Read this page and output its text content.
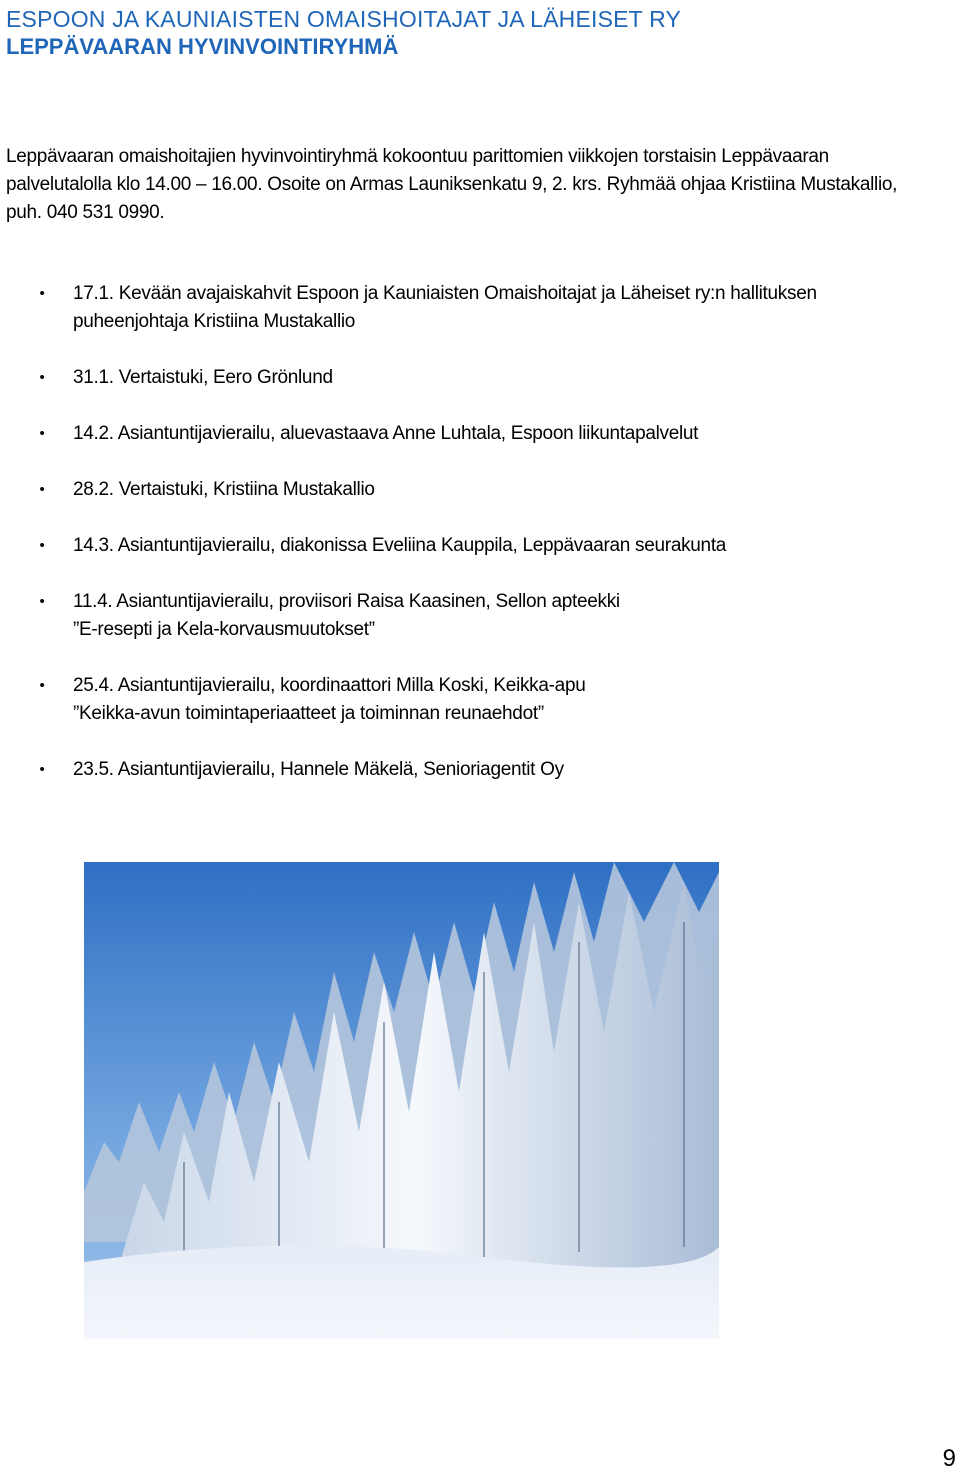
ESPOON JA KAUNIAISTEN OMAISHOITAJAT JA LÄHEISET RY
LEPPÄVAARAN HYVINVOINTIRYHMÄ

Leppävaaran omaishoitajien hyvinvointiryhmä kokoontuu parittomien viikkojen torstaisin Leppävaaran palvelutalolla klo 14.00 – 16.00. Osoite on Armas Launiksenkatu 9, 2. krs. Ryhmää ohjaa Kristiina Mustakallio, puh. 040 531 0990.

• 17.1. Kevään avajaiskahvit Espoon ja Kauniaisten Omaishoitajat ja Läheiset ry:n hallituksen puheenjohtaja Kristiina Mustakallio
• 31.1. Vertaistuki, Eero Grönlund
• 14.2. Asiantuntijavierailu, aluevastaava Anne Luhtala, Espoon liikuntapalvelut
• 28.2. Vertaistuki, Kristiina Mustakallio
• 14.3. Asiantuntijavierailu, diakonissa Eveliina Kauppila, Leppävaaran seurakunta
• 11.4. Asiantuntijavierailu, proviisori Raisa Kaasinen, Sellon apteekki
”E-resepti ja Kela-korvausmuutokset”
• 25.4. Asiantuntijavierailu, koordinaattori Milla Koski, Keikka-apu
”Keikka-avun toimintaperiaatteet ja toiminnan reunaehdot”
• 23.5. Asiantuntijavierailu, Hannele Mäkelä, Senioriagentit Oy
9
